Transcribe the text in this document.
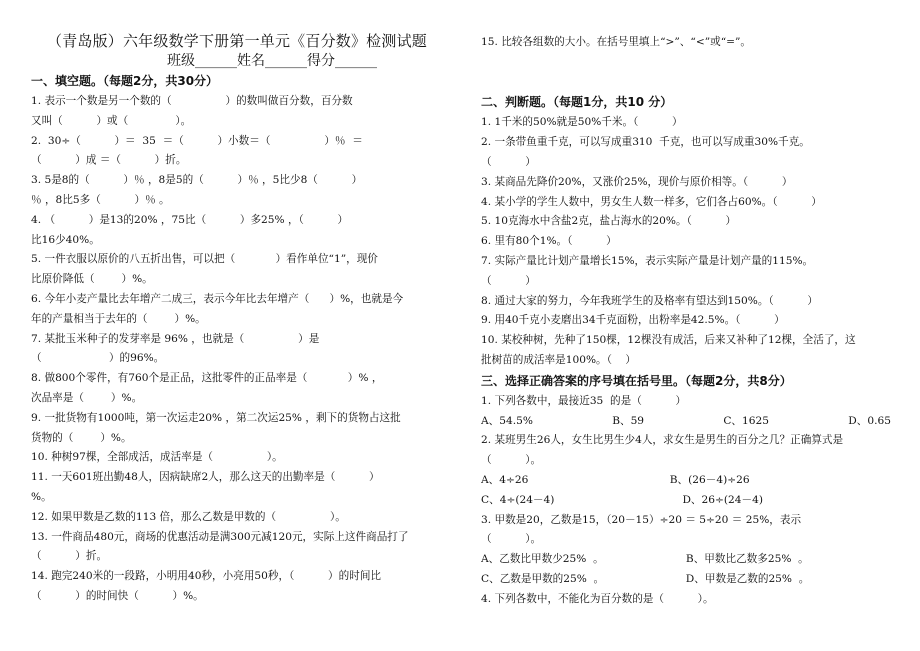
（青岛版）六年级数学下册第一单元《百分数》检测试题
班级______姓名______得分______
一、填空题。（每题2分，共30分）
1. 表示一个数是另一个数的（                ）的数叫做百分数，百分数
又叫（          ）或（              ）。
2.  30÷（          ）＝  35  ＝（          ）小数＝（                ）％  ＝
（          ）成 ＝（          ）折。
3. 5是8的（          ）％ ，8是5的（          ）％ ，5比少8（          ）
％ ，8比5多（          ）％ 。
4. （          ）是13的20% ，75比（          ）多25% ，（          ）
比16少40%。
5. 一件衣服以原价的八五折出售，可以把（            ）看作单位“1”，现价
比原价降低（        ）%。
6. 今年小麦产量比去年增产二成三，表示今年比去年增产（      ）%，也就是今
年的产量相当于去年的（        ）%。
7. 某批玉米种子的发芽率是 96% ，也就是（                ）是
（                    ）的96%。
8. 做800个零件，有760个是正品，这批零件的正品率是（            ）% ，
次品率是（        ）%。
9. 一批货物有1000吨，第一次运走20% ，第二次运25% ，剩下的货物占这批
货物的（        ）%。
10. 种树97棵，全部成活，成活率是（                ）。
11. 一天601班出勤48人，因病缺席2人，那么这天的出勤率是（          ）
%。
12. 如果甲数是乙数的113 倍，那么乙数是甲数的（                ）。
13. 一件商品480元，商场的优惠活动是满300元减120元，实际上这件商品打了
（          ）折。
14. 跑完240米的一段路，小明用40秒，小亮用50秒，（          ）的时间比
（          ）的时间快（          ）%。
15. 比较各组数的大小。在括号里填上“>”、“<”或“=”。

二、判断题。（每题1分，共10 分）
1. 1千米的50%就是50%千米。（          ）
2. 一条带鱼重千克，可以写成重310  千克，也可以写成重30%千克。
（          ）
3. 某商品先降价20%，又涨价25%，现价与原价相等。（          ）
4. 某小学的学生人数中，男女生人数一样多，它们各占60%。（          ）
5. 10克海水中含盐2克，盐占海水的20%。（          ）
6. 里有80个1%。（          ）
7. 实际产量比计划产量增长15%，表示实际产量是计划产量的115%。
（          ）
8. 通过大家的努力，今年我班学生的及格率有望达到150%。（          ）
9. 用40千克小麦磨出34千克面粉，出粉率是42.5%。（          ）
10. 某校种树，先种了150棵，12棵没有成活，后来又补种了12棵，全活了，这
批树苗的成活率是100%。（    ）
三、选择正确答案的序号填在括号里。（每题2分，共8分）
1. 下列各数中，最接近35  的是（          ）
A、54.5%	B、59	C、1625	D、0.65
2. 某班男生26人，女生比男生少4人，求女生是男生的百分之几？正确算式是
（          ）。
A、4÷26	B、(26－4)÷26
C、4÷(24－4)	D、26÷(24－4)
3. 甲数是20，乙数是15，（20－15）÷20 ＝ 5÷20 ＝ 25%，表示
（          ）。
A、乙数比甲数少25%  。	B、甲数比乙数多25%  。
C、乙数是甲数的25%  。	D、甲数是乙数的25%  。
4. 下列各数中，不能化为百分数的是（          ）。
